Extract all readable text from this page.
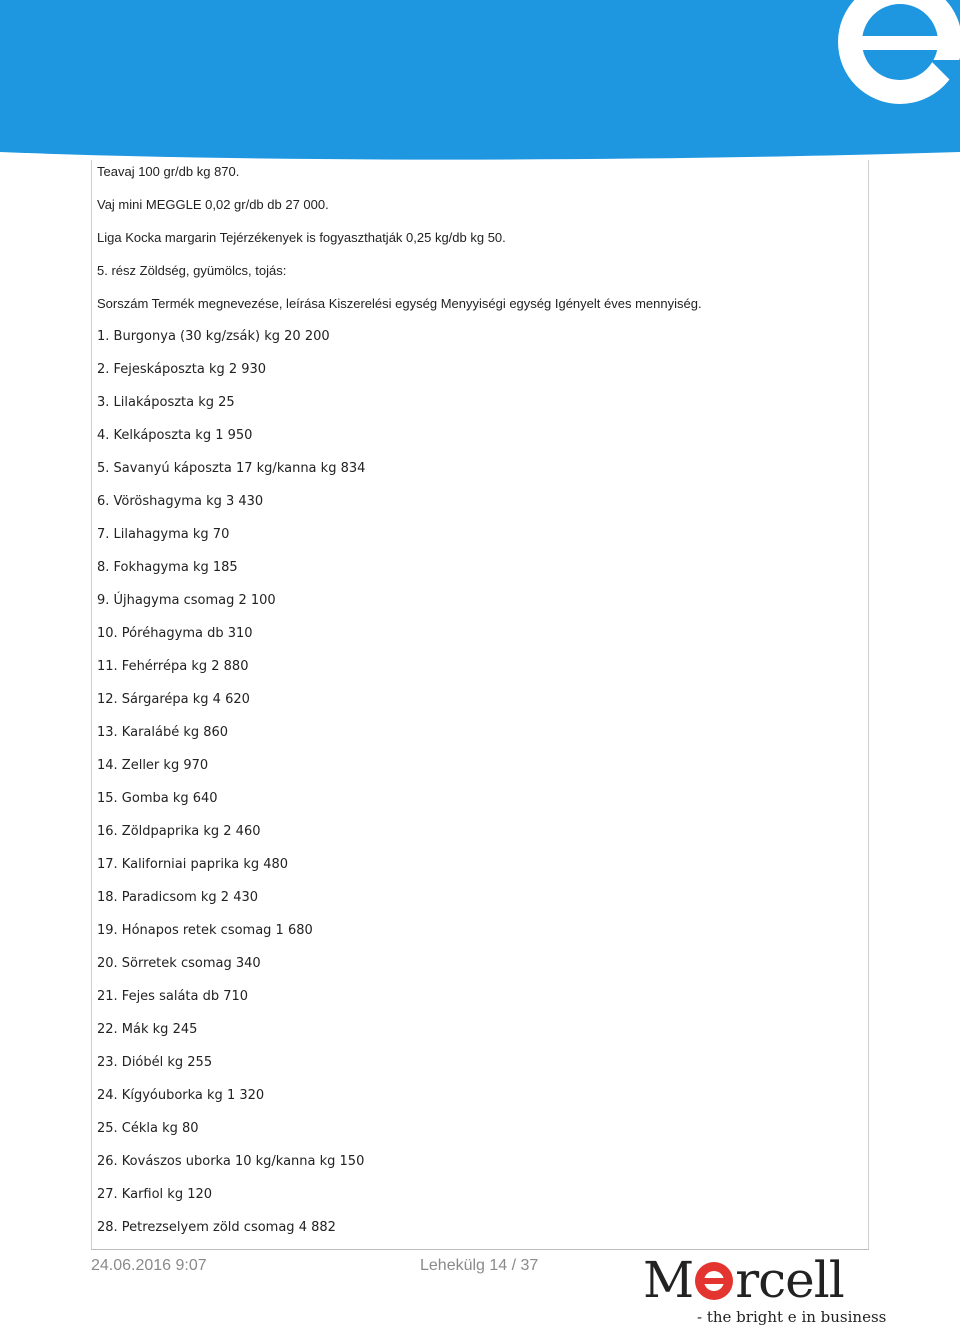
Teavaj 100 gr/db kg 870.
Vaj mini MEGGLE 0,02 gr/db db 27 000.
Liga Kocka margarin Tejérzékenyek is fogyaszthatják 0,25 kg/db kg 50.
5. rész Zöldség, gyümölcs, tojás:
Sorszám Termék megnevezése, leírása Kiszerelési egység Menyyiségi egység Igényelt éves mennyiség.
1. Burgonya (30 kg/zsák) kg 20 200
2. Fejeskáposzta kg 2 930
3. Lilakáposzta kg 25
4. Kelkáposzta kg 1 950
5. Savanyú káposzta 17 kg/kanna kg 834
6. Vöröshagyma kg 3 430
7. Lilahagyma kg 70
8. Fokhagyma kg 185
9. Újhagyma csomag 2 100
10. Póréhagyma db 310
11. Fehérrépa kg 2 880
12. Sárgarépa kg 4 620
13. Karalábé kg 860
14. Zeller kg 970
15. Gomba kg 640
16. Zöldpaprika kg 2 460
17. Kaliforniai paprika kg 480
18. Paradicsom kg 2 430
19. Hónapos retek csomag 1 680
20. Sörretek csomag 340
21. Fejes saláta db 710
22. Mák kg 245
23. Dióbél kg 255
24. Kígyóuborka kg 1 320
25. Cékla kg 80
26. Kovászos uborka 10 kg/kanna kg 150
27. Karfiol kg 120
28. Petrezselyem zöld csomag 4 882
24.06.2016 9:07	Lehekülg 14 / 37 M rcell
- the bright e in business
